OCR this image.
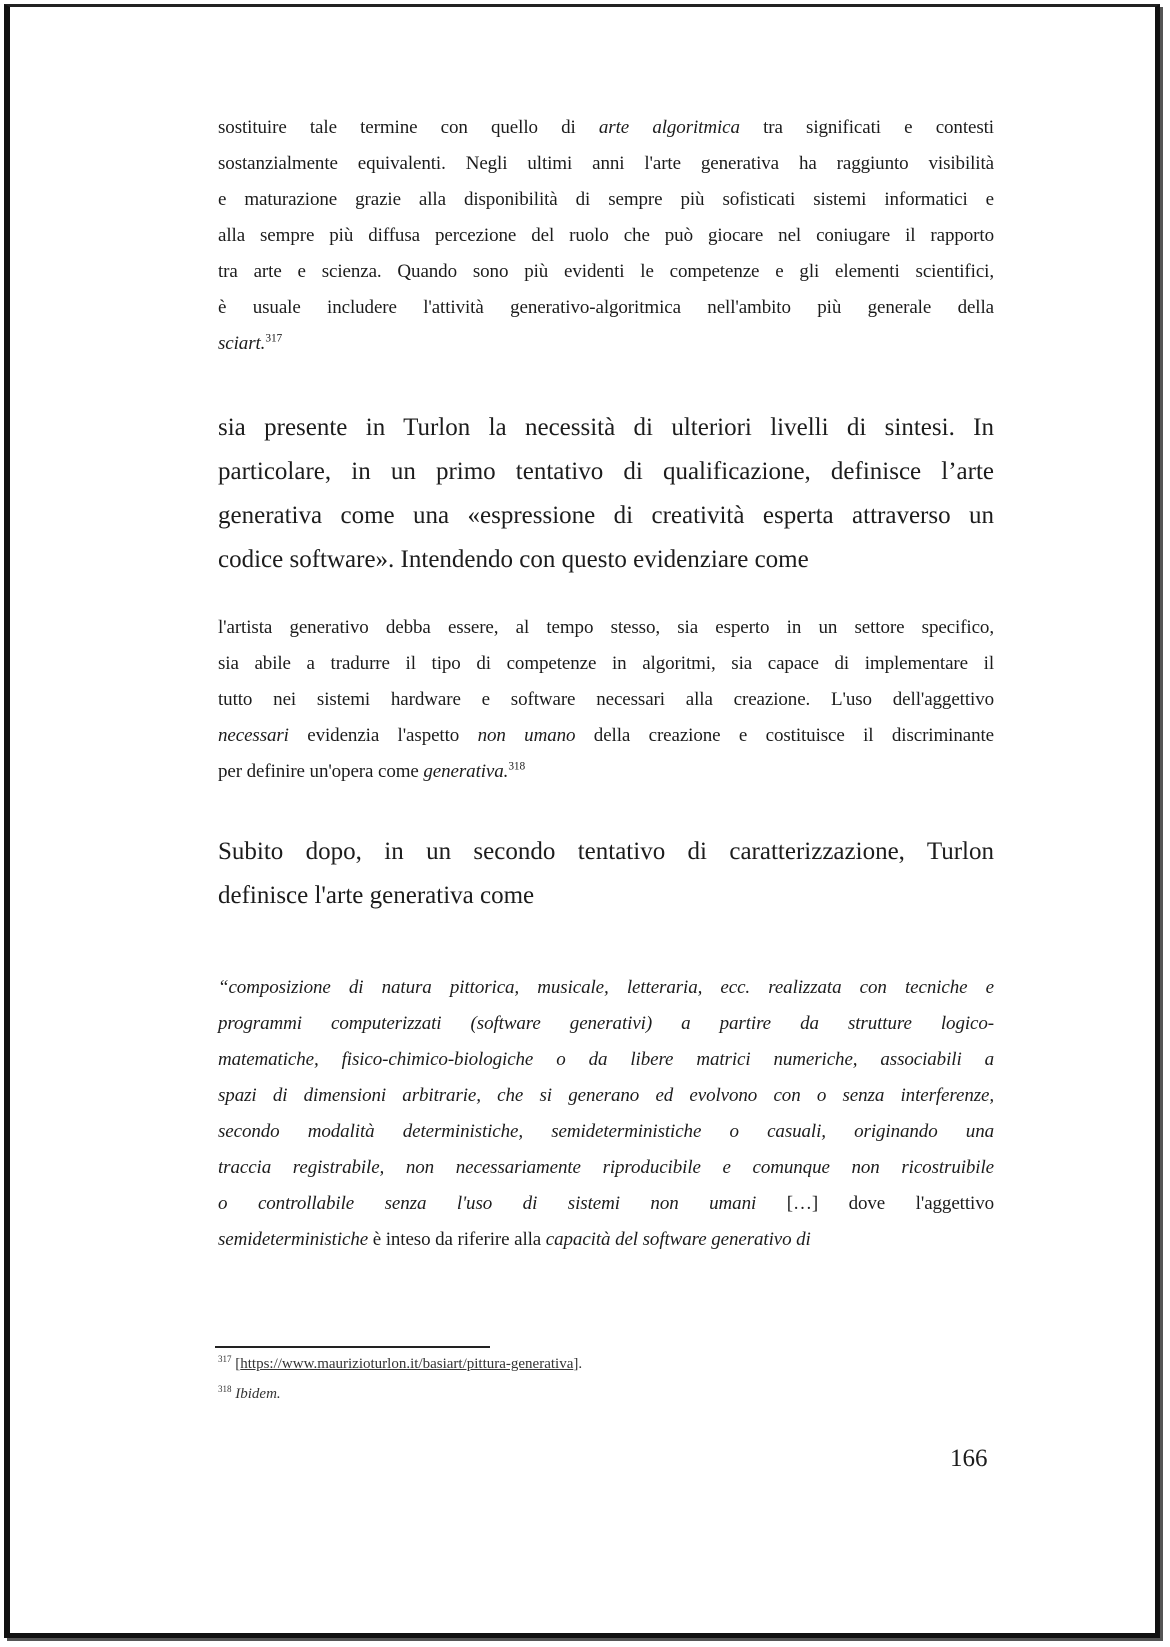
sostituire tale termine con quello di arte algoritmica tra significati e contesti
sostanzialmente equivalenti. Negli ultimi anni l'arte generativa ha raggiunto visibilità
e maturazione grazie alla disponibilità di sempre più sofisticati sistemi informatici e
alla sempre più diffusa percezione del ruolo che può giocare nel coniugare il rapporto
tra arte e scienza. Quando sono più evidenti le competenze e gli elementi scientifici,
è usuale includere l'attività generativo-algoritmica nell'ambito più generale della
sciart.$^{317}$
sia presente in Turlon la necessità di ulteriori livelli di sintesi. In
particolare, in un primo tentativo di qualificazione, definisce l’arte
generativa come una «espressione di creatività esperta attraverso un
codice software». Intendendo con questo evidenziare come
l'artista generativo debba essere, al tempo stesso, sia esperto in un settore specifico,
sia abile a tradurre il tipo di competenze in algoritmi, sia capace di implementare il
tutto nei sistemi hardware e software necessari alla creazione. L'uso dell'aggettivo
necessari evidenzia l'aspetto non umano della creazione e costituisce il discriminante
per definire un'opera come generativa.$^{318}$
Subito dopo, in un secondo tentativo di caratterizzazione, Turlon
definisce l'arte generativa come
“composizione di natura pittorica, musicale, letteraria, ecc. realizzata con tecniche e
programmi computerizzati (software generativi) a partire da strutture logico-
matematiche, fisico-chimico-biologiche o da libere matrici numeriche, associabili a
spazi di dimensioni arbitrarie, che si generano ed evolvono con o senza interferenze,
secondo modalità deterministiche, semideterministiche o casuali, originando una
traccia registrabile, non necessariamente riproducibile e comunque non ricostruibile
o controllabile senza l'uso di sistemi non umani […] dove l'aggettivo
semideterministiche è inteso da riferire alla capacità del software generativo di
$^{317}$ [https://www.maurizioturlon.it/basiart/pittura-generativa].
$^{318}$ Ibidem.
166
